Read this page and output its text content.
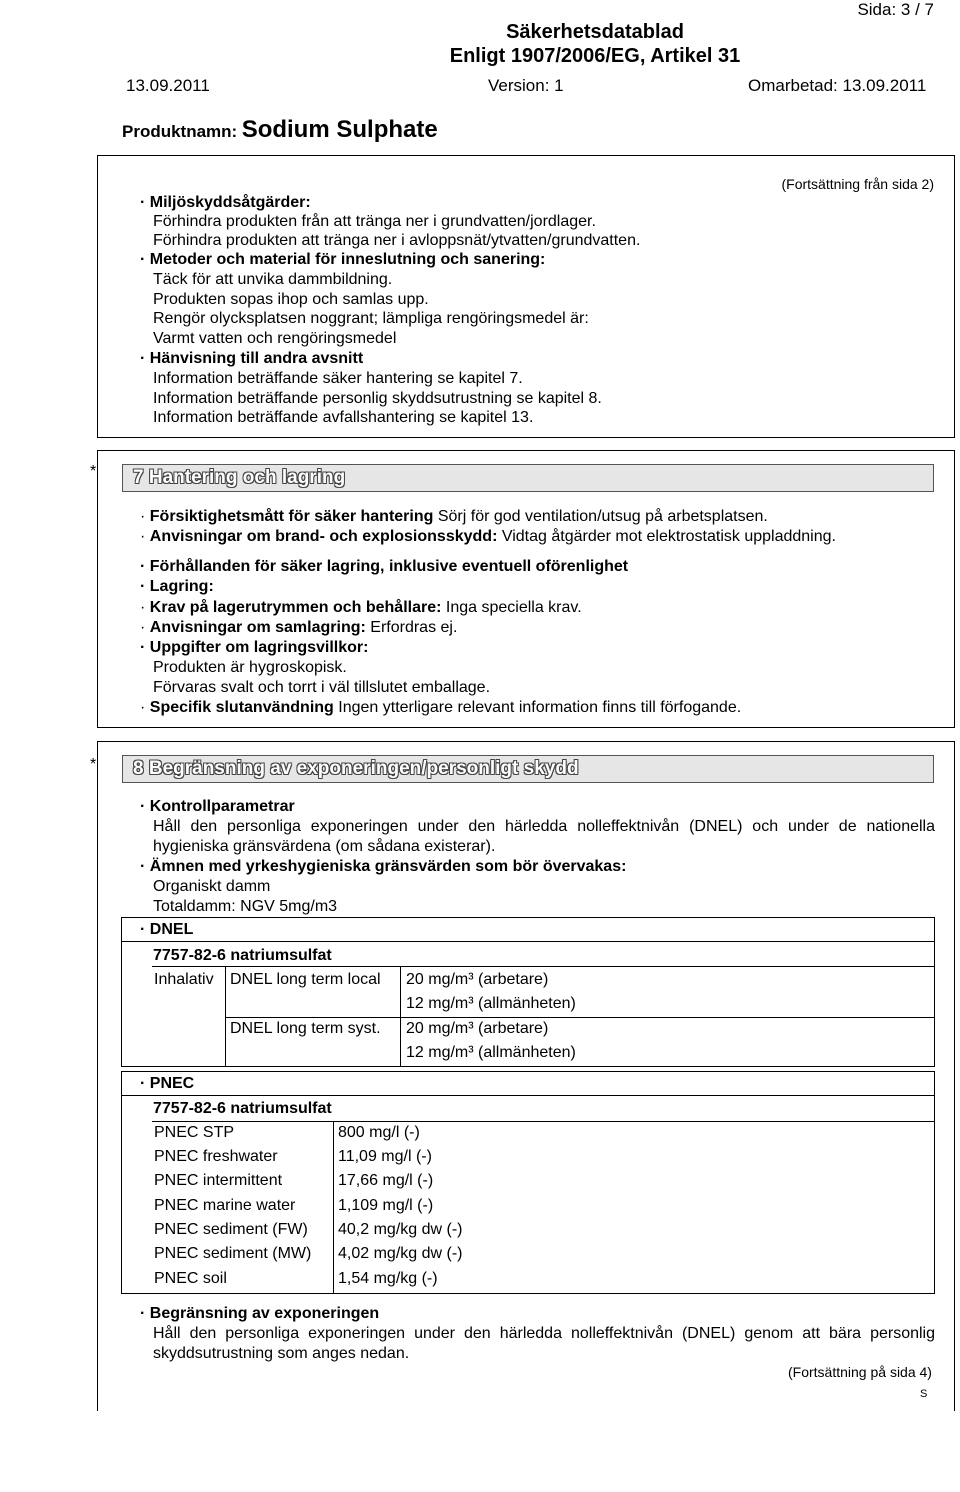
Sida: 3 / 7
Säkerhetsdatablad
Enligt 1907/2006/EG, Artikel 31
13.09.2011	Version: 1	Omarbetad: 13.09.2011
Produktnamn: Sodium Sulphate
(Fortsättning från sida 2)
· Miljöskyddsåtgärder:
Förhindra produkten från att tränga ner i grundvatten/jordlager.
Förhindra produkten att tränga ner i avloppsnät/ytvatten/grundvatten.
· Metoder och material för inneslutning och sanering:
Täck för att unvika dammbildning.
Produkten sopas ihop och samlas upp.
Rengör olycksplatsen noggrant; lämpliga rengöringsmedel är:
Varmt vatten och rengöringsmedel
· Hänvisning till andra avsnitt
Information beträffande säker hantering se kapitel 7.
Information beträffande personlig skyddsutrustning se kapitel 8.
Information beträffande avfallshantering se kapitel 13.
*	7 Hantering och lagring
· Försiktighetsmått för säker hantering Sörj för god ventilation/utsug på arbetsplatsen.
· Anvisningar om brand- och explosionsskydd: Vidtag åtgärder mot elektrostatisk uppladdning.
· Förhållanden för säker lagring, inklusive eventuell oförenlighet
· Lagring:
· Krav på lagerutrymmen och behållare: Inga speciella krav.
· Anvisningar om samlagring: Erfordras ej.
· Uppgifter om lagringsvillkor:
Produkten är hygroskopisk.
Förvaras svalt och torrt i väl tillslutet emballage.
· Specifik slutanvändning Ingen ytterligare relevant information finns till förfogande.
*	8 Begränsning av exponeringen/personligt skydd
· Kontrollparametrar
Håll den personliga exponeringen under den härledda nolleffektnivån (DNEL) och under de nationella hygieniska gränsvärdena (om sådana existerar).
· Ämnen med yrkeshygieniska gränsvärden som bör övervakas:
Organiskt damm
Totaldamm: NGV 5mg/m3
· DNEL
7757-82-6 natriumsulfat
Inhalativ DNEL long term local 20 mg/m³ (arbetare)
12 mg/m³ (allmänheten)
DNEL long term syst. 20 mg/m³ (arbetare)
12 mg/m³ (allmänheten)
· PNEC
7757-82-6 natriumsulfat
PNEC STP	800 mg/l (-)
PNEC freshwater	11,09 mg/l (-)
PNEC intermittent	17,66 mg/l (-)
PNEC marine water	1,109 mg/l (-)
PNEC sediment (FW) 40,2 mg/kg dw (-)
PNEC sediment (MW) 4,02 mg/kg dw (-)
PNEC soil	1,54 mg/kg (-)
· Begränsning av exponeringen
Håll den personliga exponeringen under den härledda nolleffektnivån (DNEL) genom att bära personlig skyddsutrustning som anges nedan.
(Fortsättning på sida 4)
S
